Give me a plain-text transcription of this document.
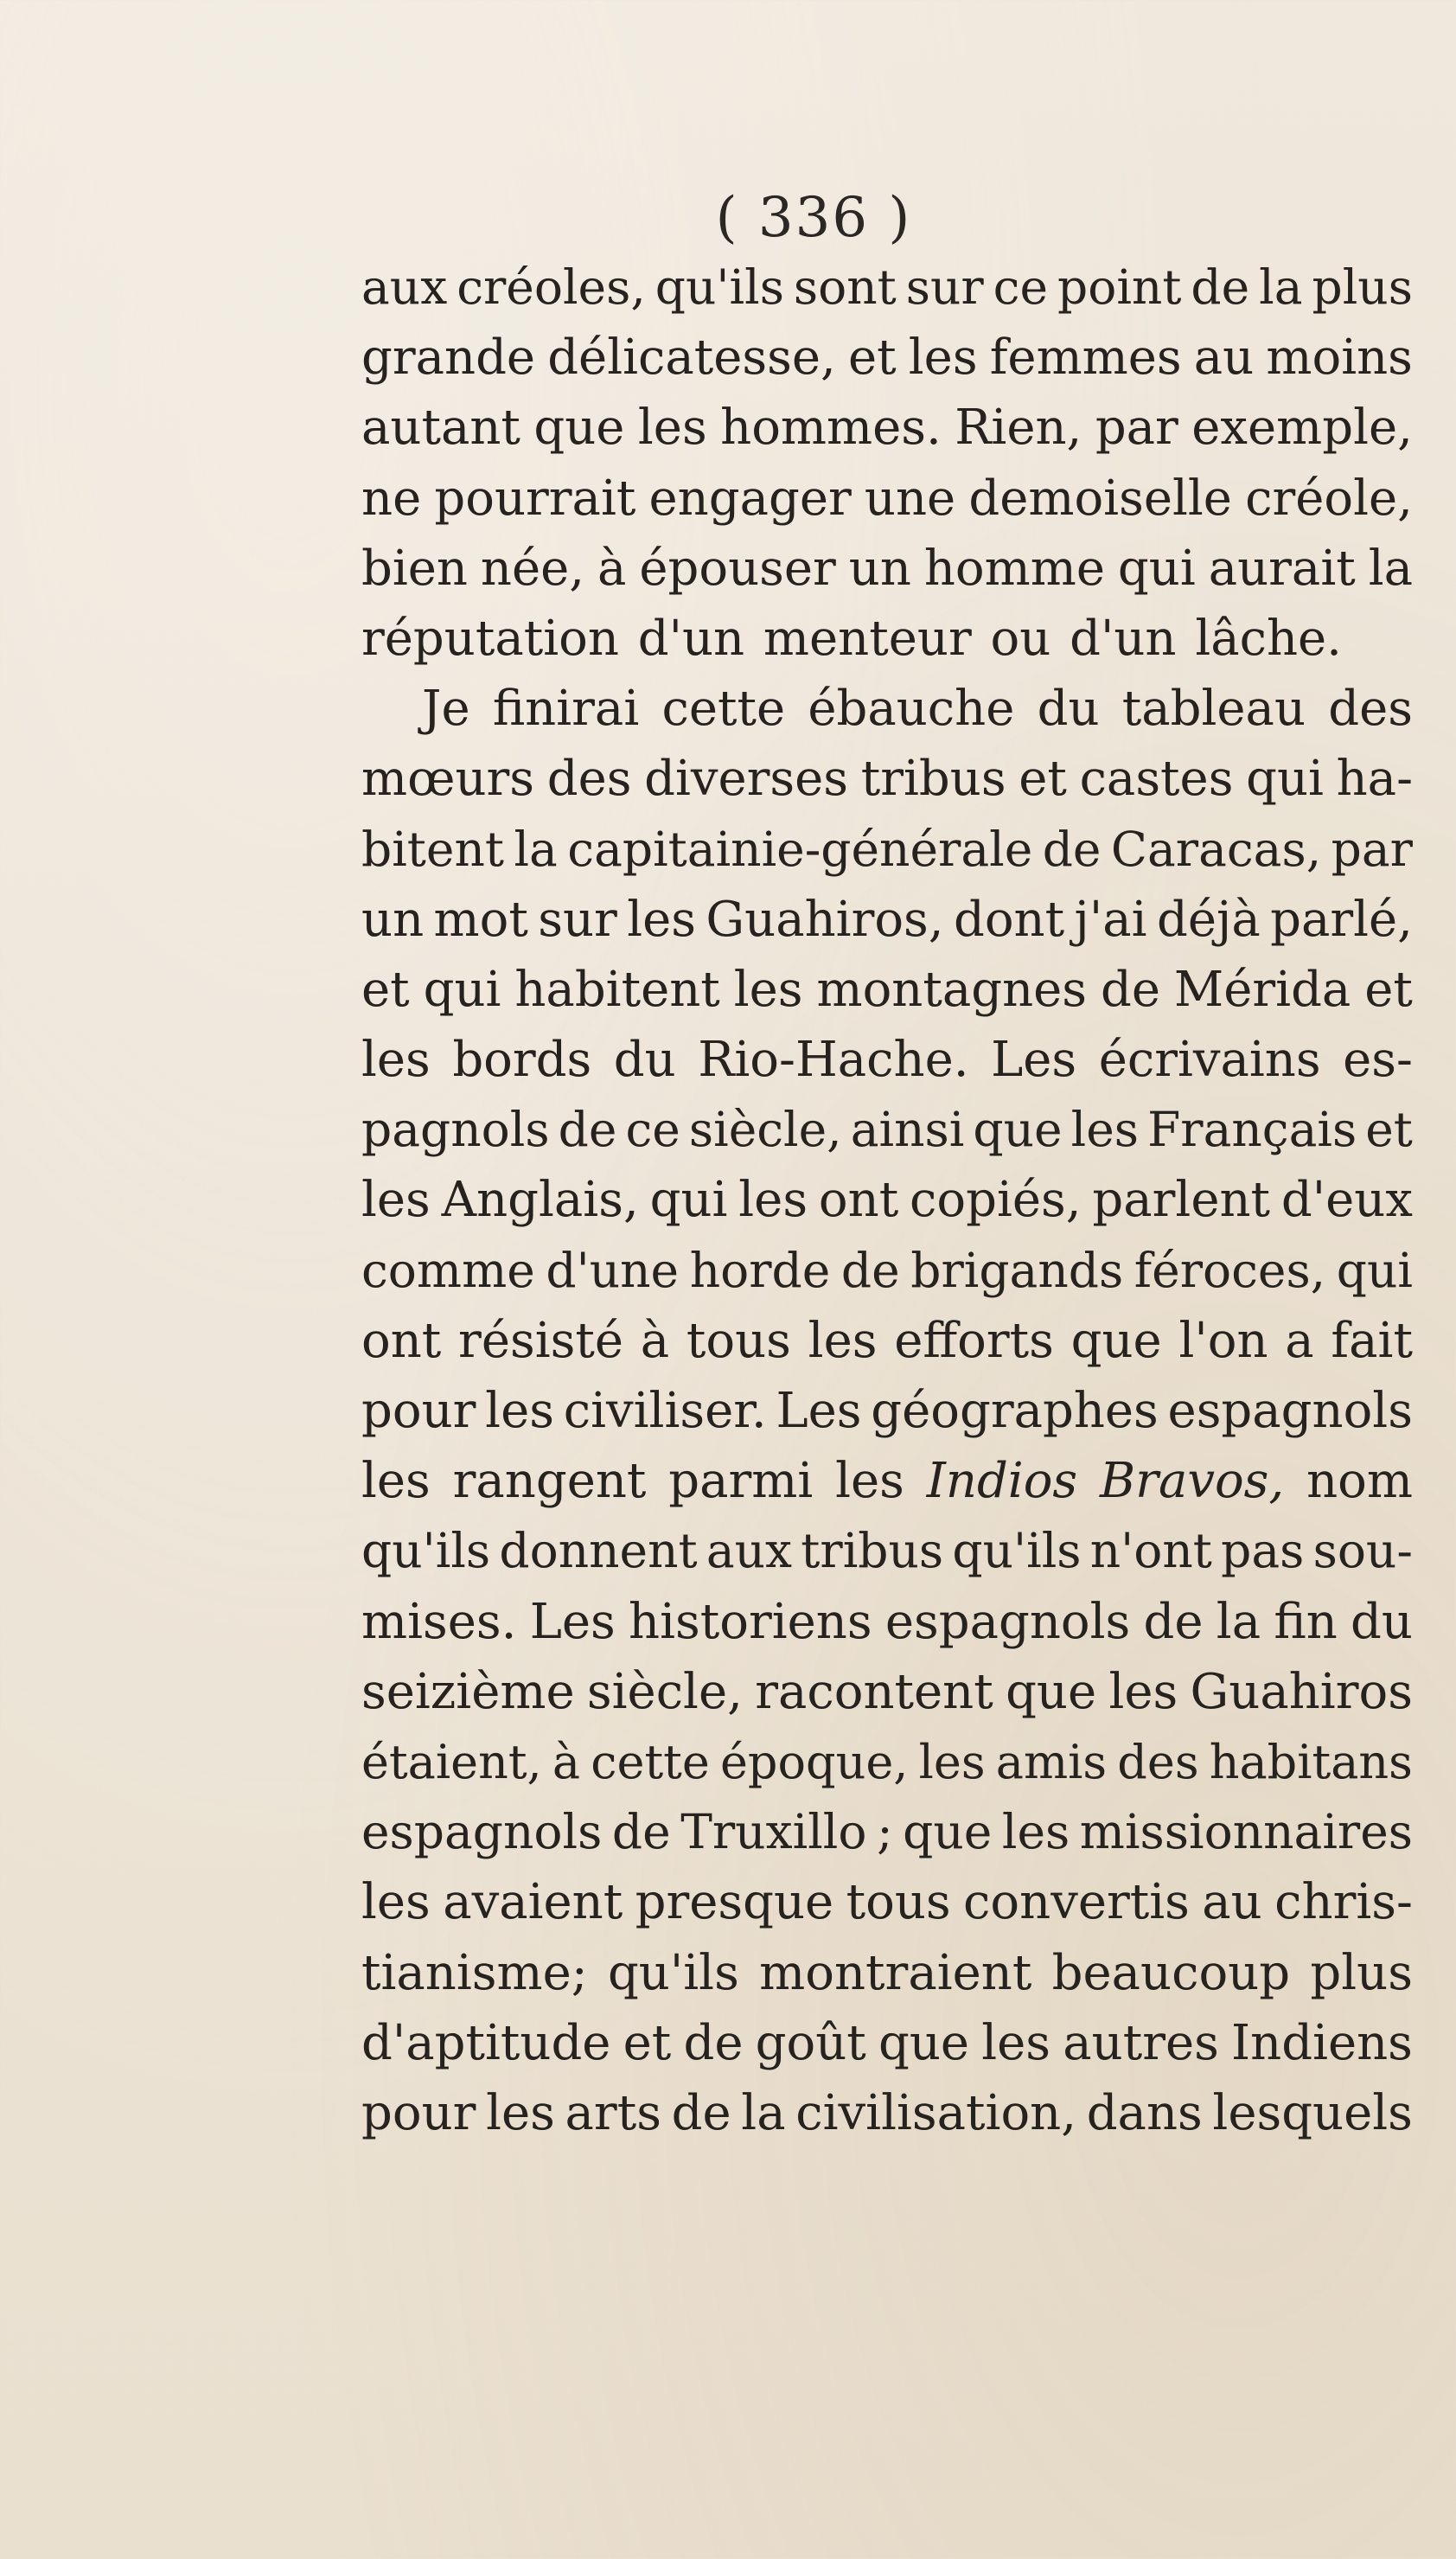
( 336 )
aux créoles, qu'ils sont sur ce point de la plus
grande délicatesse, et les femmes au moins
autant que les hommes. Rien, par exemple,
ne pourrait engager une demoiselle créole,
bien née, à épouser un homme qui aurait la
réputation
d'un
menteur
ou
d'un
lâche.
Je finirai cette ébauche du tableau des
mœurs des diverses tribus et castes qui ha-
bitent la capitainie-générale de Caracas, par
un mot sur les Guahiros, dont j'ai déjà parlé,
et qui habitent les montagnes de Mérida et
les bords du Rio-Hache. Les écrivains es-
pagnols de ce siècle, ainsi que les Français et
les Anglais, qui les ont copiés, parlent d'eux
comme d'une horde de brigands féroces, qui
ont résisté à tous les efforts que l'on a fait
pour les civiliser. Les géographes espagnols
les rangent parmi les Indios Bravos, nom
qu'ils donnent aux tribus qu'ils n'ont pas sou-
mises. Les historiens espagnols de la fin du
seizième siècle, racontent que les Guahiros
étaient, à cette époque, les amis des habitans
espagnols de Truxillo ; que les missionnaires
les avaient presque tous convertis au chris-
tianisme; qu'ils montraient beaucoup plus
d'aptitude et de goût que les autres Indiens
pour les arts de la civilisation, dans lesquels
